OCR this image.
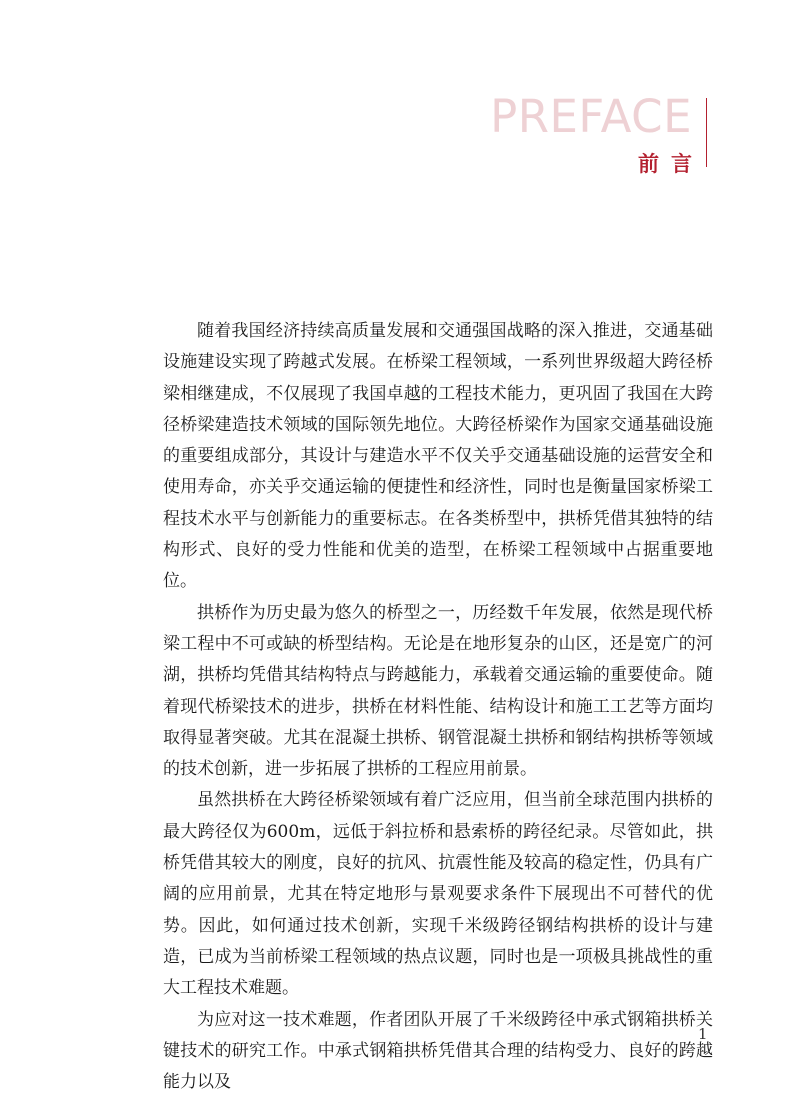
PREFACE
前言

随着我国经济持续高质量发展和交通强国战略的深入推进，交通基础设施建设实现了跨越式发展。在桥梁工程领域，一系列世界级超大跨径桥梁相继建成，不仅展现了我国卓越的工程技术能力，更巩固了我国在大跨径桥梁建造技术领域的国际领先地位。大跨径桥梁作为国家交通基础设施的重要组成部分，其设计与建造水平不仅关乎交通基础设施的运营安全和使用寿命，亦关乎交通运输的便捷性和经济性，同时也是衡量国家桥梁工程技术水平与创新能力的重要标志。在各类桥型中，拱桥凭借其独特的结构形式、良好的受力性能和优美的造型，在桥梁工程领域中占据重要地位。

拱桥作为历史最为悠久的桥型之一，历经数千年发展，依然是现代桥梁工程中不可或缺的桥型结构。无论是在地形复杂的山区，还是宽广的河湖，拱桥均凭借其结构特点与跨越能力，承载着交通运输的重要使命。随着现代桥梁技术的进步，拱桥在材料性能、结构设计和施工工艺等方面均取得显著突破。尤其在混凝土拱桥、钢管混凝土拱桥和钢结构拱桥等领域的技术创新，进一步拓展了拱桥的工程应用前景。

虽然拱桥在大跨径桥梁领域有着广泛应用，但当前全球范围内拱桥的最大跨径仅为600m，远低于斜拉桥和悬索桥的跨径纪录。尽管如此，拱桥凭借其较大的刚度，良好的抗风、抗震性能及较高的稳定性，仍具有广阔的应用前景，尤其在特定地形与景观要求条件下展现出不可替代的优势。因此，如何通过技术创新，实现千米级跨径钢结构拱桥的设计与建造，已成为当前桥梁工程领域的热点议题，同时也是一项极具挑战性的重大工程技术难题。

为应对这一技术难题，作者团队开展了千米级跨径中承式钢箱拱桥关键技术的研究工作。中承式钢箱拱桥凭借其合理的结构受力、良好的跨越能力以及

1
